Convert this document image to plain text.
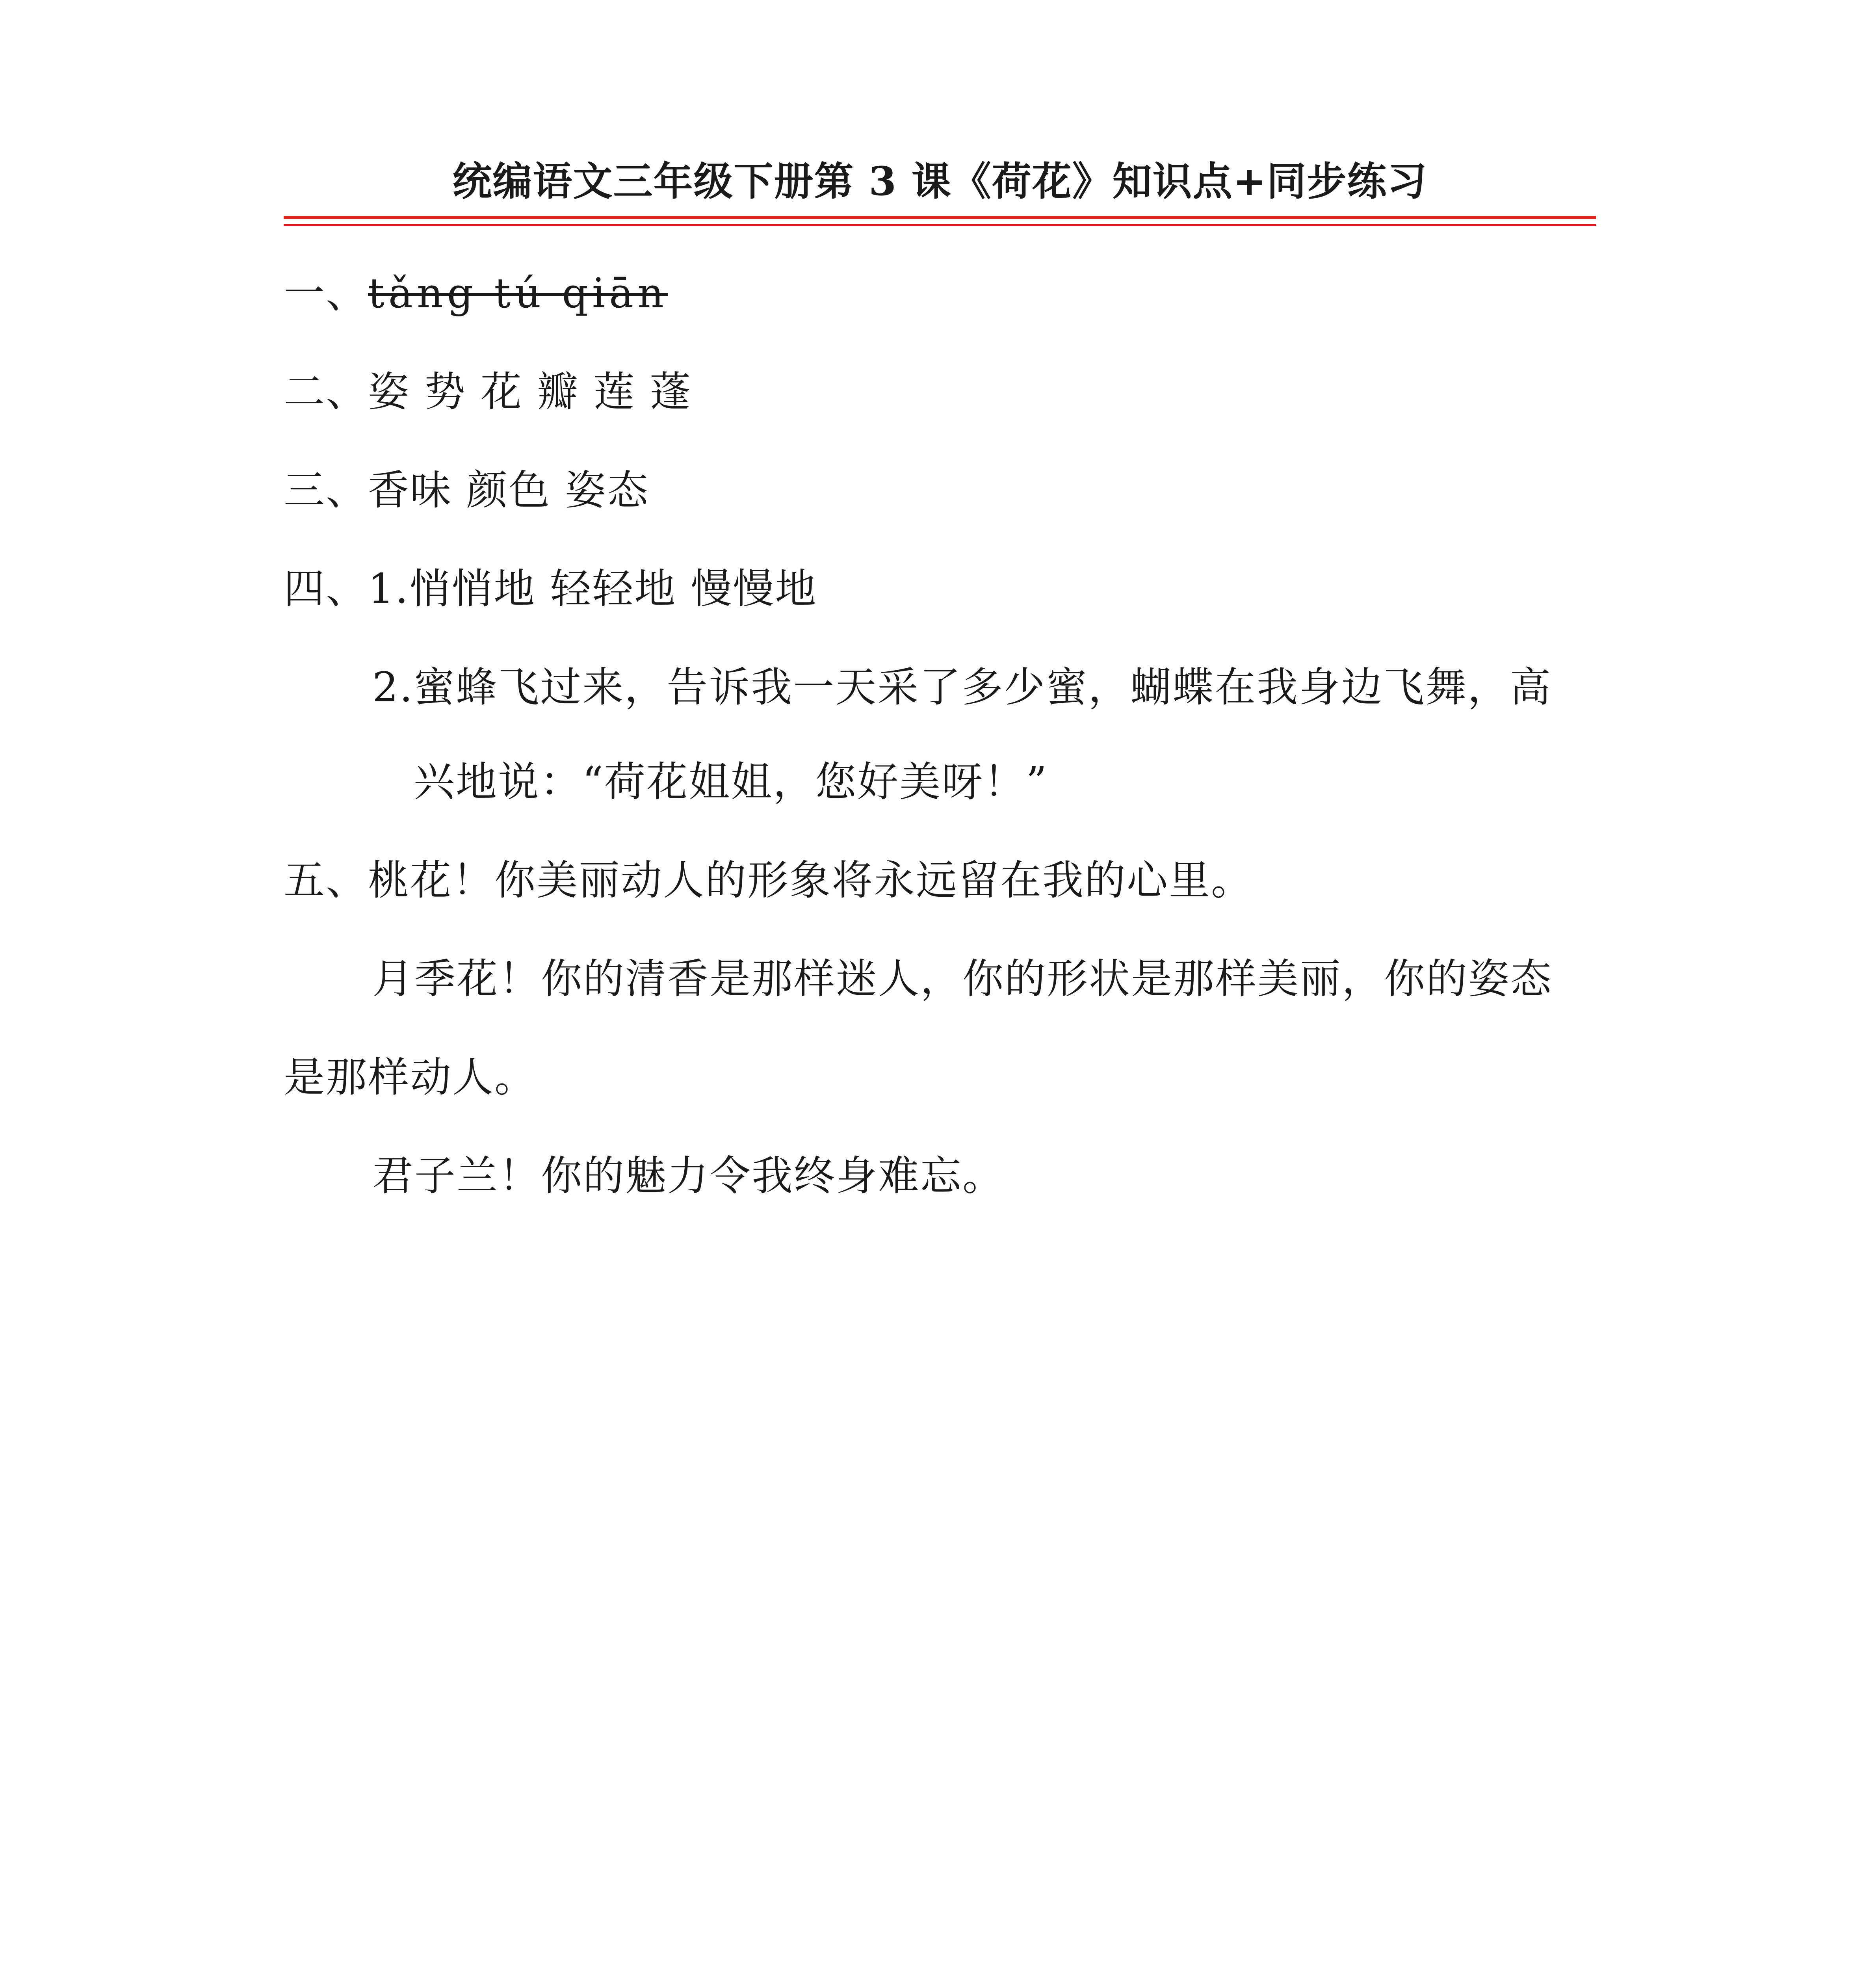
统编语文三年级下册第 3 课《荷花》知识点+同步练习
一、tǎng tú qiān
二、姿 势 花 瓣 莲 蓬
三、香味 颜色 姿态
四、1.悄悄地 轻轻地 慢慢地
2.蜜蜂飞过来，告诉我一天采了多少蜜，蝴蝶在我身边飞舞，高
兴地说：“荷花姐姐，您好美呀！”
五、桃花！你美丽动人的形象将永远留在我的心里。
月季花！你的清香是那样迷人，你的形状是那样美丽，你的姿态
是那样动人。
君子兰！你的魅力令我终身难忘。
